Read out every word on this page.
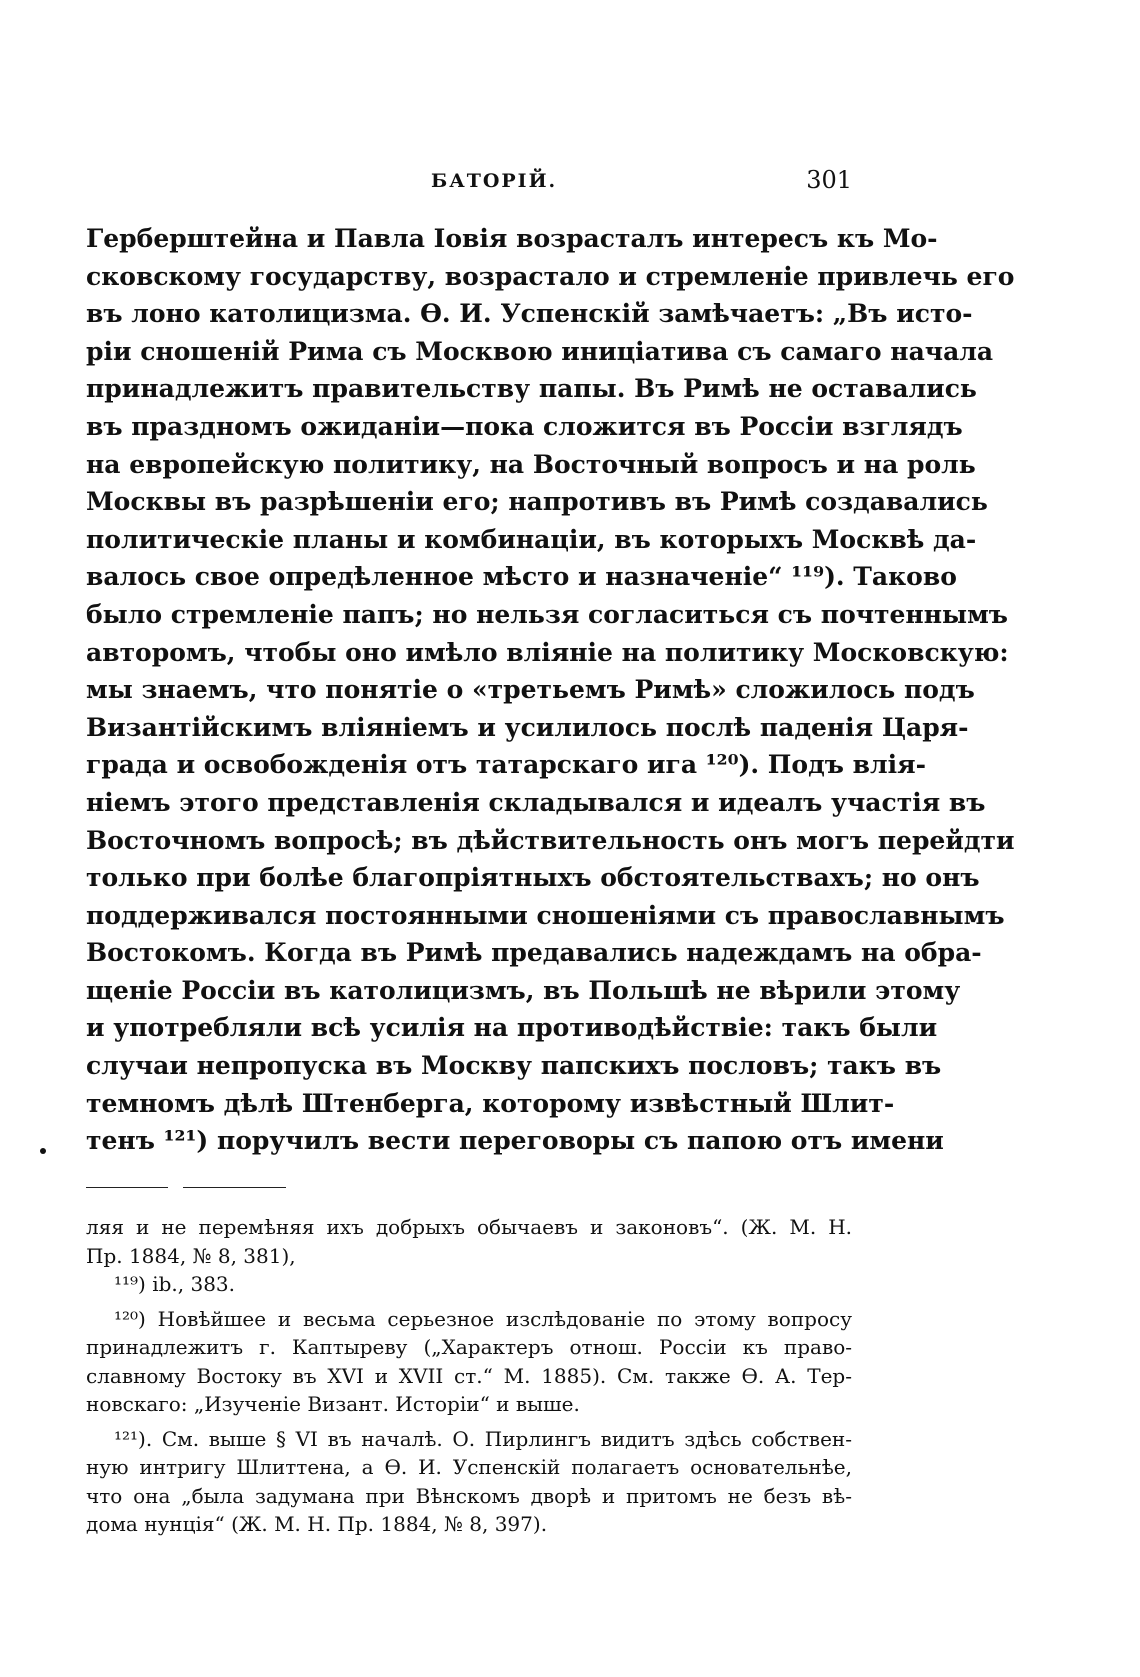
БАТОРІЙ.	301
Герберштейна и Павла Іовія возрасталъ интересъ къ Мо-
сковскому государству, возрастало и стремленіе привлечь его
въ лоно католицизма. Ѳ. И. Успенскій замѣчаетъ: „Въ исто-
ріи сношеній Рима съ Москвою иниціатива съ самаго начала
принадлежитъ правительству папы. Въ Римѣ не оставались
въ праздномъ ожиданіи—пока сложится въ Россіи взглядъ
на европейскую политику, на Восточный вопросъ и на роль
Москвы въ разрѣшеніи его; напротивъ въ Римѣ создавались
политическіе планы и комбинаціи, въ которыхъ Москвѣ да-
валось свое опредѣленное мѣсто и назначеніе“ ¹¹⁹). Таково
было стремленіе папъ; но нельзя согласиться съ почтеннымъ
авторомъ, чтобы оно имѣло вліяніе на политику Московскую:
мы знаемъ, что понятіе о «третьемъ Римѣ» сложилось подъ
Византійскимъ вліяніемъ и усилилось послѣ паденія Царя-
града и освобожденія отъ татарскаго ига ¹²⁰). Подъ влія-
ніемъ этого представленія складывался и идеалъ участія въ
Восточномъ вопросѣ; въ дѣйствительность онъ могъ перейдти
только при болѣе благопріятныхъ обстоятельствахъ; но онъ
поддерживался постоянными сношеніями съ православнымъ
Востокомъ. Когда въ Римѣ предавались надеждамъ на обра-
щеніе Россіи въ католицизмъ, въ Польшѣ не вѣрили этому
и употребляли всѣ усилія на противодѣйствіе: такъ были
случаи непропуска въ Москву папскихъ пословъ; такъ въ
темномъ дѣлѣ Штенберга, которому извѣстный Шлит-
тенъ ¹²¹) поручилъ вести переговоры съ папою отъ имени
ляя и не перемѣняя ихъ добрыхъ обычаевъ и законовъ“. (Ж. М. Н.
Пр. 1884, № 8, 381),
¹¹⁹) ib., 383.
¹²⁰) Новѣйшее и весьма серьезное изслѣдованіе по этому вопросу
принадлежитъ г. Каптыреву („Характеръ отнош. Россіи къ право-
славному Востоку въ XVI и XVII ст.“ М. 1885). См. также Ѳ. А. Тер-
новскаго: „Изученіе Визант. Исторіи“ и выше.
¹²¹). См. выше § VI въ началѣ. О. Пирлингъ видитъ здѣсь собствен-
ную интригу Шлиттена, а Ѳ. И. Успенскій полагаетъ основательнѣе,
что она „была задумана при Вѣнскомъ дворѣ и притомъ не безъ вѣ-
дома нунція“ (Ж. М. Н. Пр. 1884, № 8, 397).
